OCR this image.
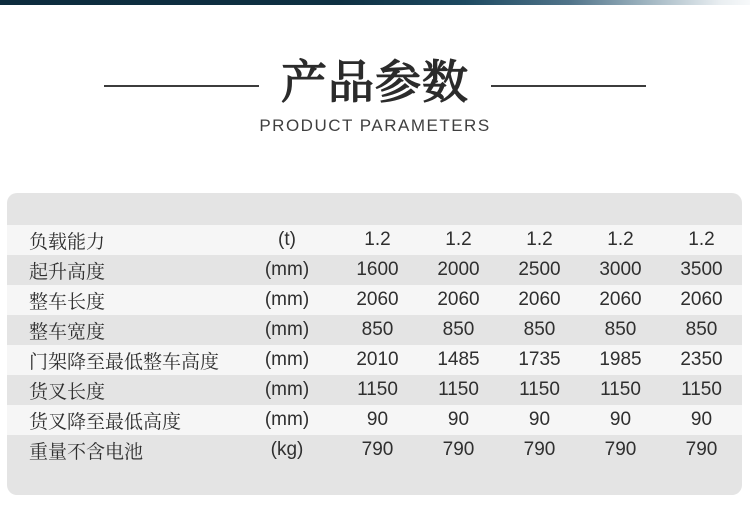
产品参数
PRODUCT PARAMETERS
负载能力	(t)	1.2	1.2	1.2	1.2	1.2
起升高度	(mm)	1600	2000	2500	3000	3500
整车长度	(mm)	2060	2060	2060	2060	2060
整车宽度	(mm)	850	850	850	850	850
门架降至最低整车高度	(mm)	2010	1485	1735	1985	2350
货叉长度	(mm)	1150	1150	1150	1150	1150
货叉降至最低高度	(mm)	90	90	90	90	90
重量不含电池	(kg)	790	790	790	790	790
